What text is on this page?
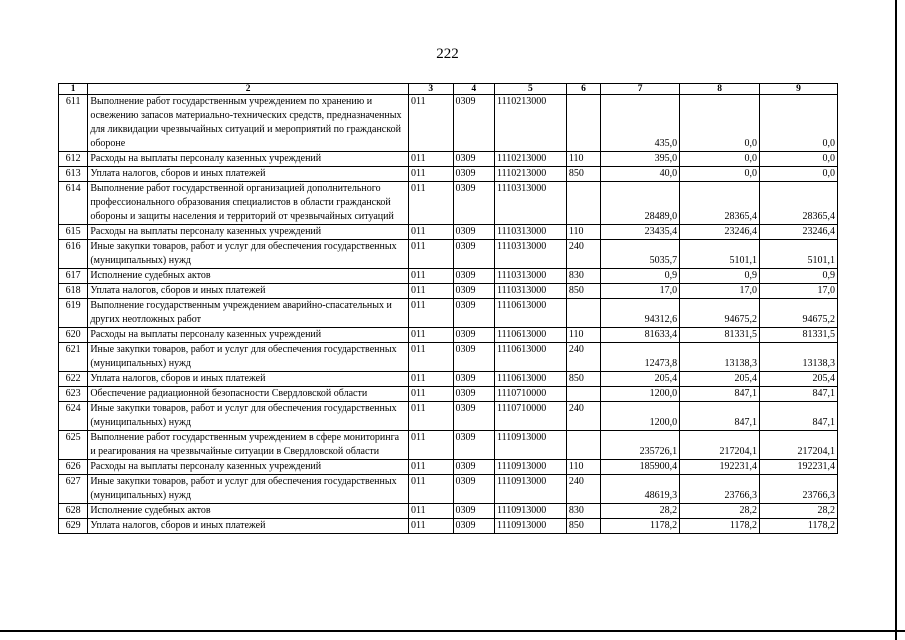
222
1	2	3	4	5	6	7	8	9
611	Выполнение работ государственным учреждением по хранению и освежению запасов материально-технических средств, предназначенных для ликвидации чрезвычайных ситуаций и мероприятий по гражданской обороне	011	0309	1110213000		435,0	0,0	0,0
612	Расходы на выплаты персоналу казенных учреждений	011	0309	1110213000	110	395,0	0,0	0,0
613	Уплата налогов, сборов и иных платежей	011	0309	1110213000	850	40,0	0,0	0,0
614	Выполнение работ государственной организацией дополнительного профессионального образования специалистов в области гражданской обороны и защиты населения и территорий от чрезвычайных ситуаций	011	0309	1110313000		28489,0	28365,4	28365,4
615	Расходы на выплаты персоналу казенных учреждений	011	0309	1110313000	110	23435,4	23246,4	23246,4
616	Иные закупки товаров, работ и услуг для обеспечения государственных (муниципальных) нужд	011	0309	1110313000	240	5035,7	5101,1	5101,1
617	Исполнение судебных актов	011	0309	1110313000	830	0,9	0,9	0,9
618	Уплата налогов, сборов и иных платежей	011	0309	1110313000	850	17,0	17,0	17,0
619	Выполнение государственным учреждением аварийно-спасательных и других неотложных работ	011	0309	1110613000		94312,6	94675,2	94675,2
620	Расходы на выплаты персоналу казенных учреждений	011	0309	1110613000	110	81633,4	81331,5	81331,5
621	Иные закупки товаров, работ и услуг для обеспечения государственных (муниципальных) нужд	011	0309	1110613000	240	12473,8	13138,3	13138,3
622	Уплата налогов, сборов и иных платежей	011	0309	1110613000	850	205,4	205,4	205,4
623	Обеспечение радиационной безопасности Свердловской области	011	0309	1110710000		1200,0	847,1	847,1
624	Иные закупки товаров, работ и услуг для обеспечения государственных (муниципальных) нужд	011	0309	1110710000	240	1200,0	847,1	847,1
625	Выполнение работ государственным учреждением в сфере мониторинга и реагирования на чрезвычайные ситуации в Свердловской области	011	0309	1110913000		235726,1	217204,1	217204,1
626	Расходы на выплаты персоналу казенных учреждений	011	0309	1110913000	110	185900,4	192231,4	192231,4
627	Иные закупки товаров, работ и услуг для обеспечения государственных (муниципальных) нужд	011	0309	1110913000	240	48619,3	23766,3	23766,3
628	Исполнение судебных актов	011	0309	1110913000	830	28,2	28,2	28,2
629	Уплата налогов, сборов и иных платежей	011	0309	1110913000	850	1178,2	1178,2	1178,2
